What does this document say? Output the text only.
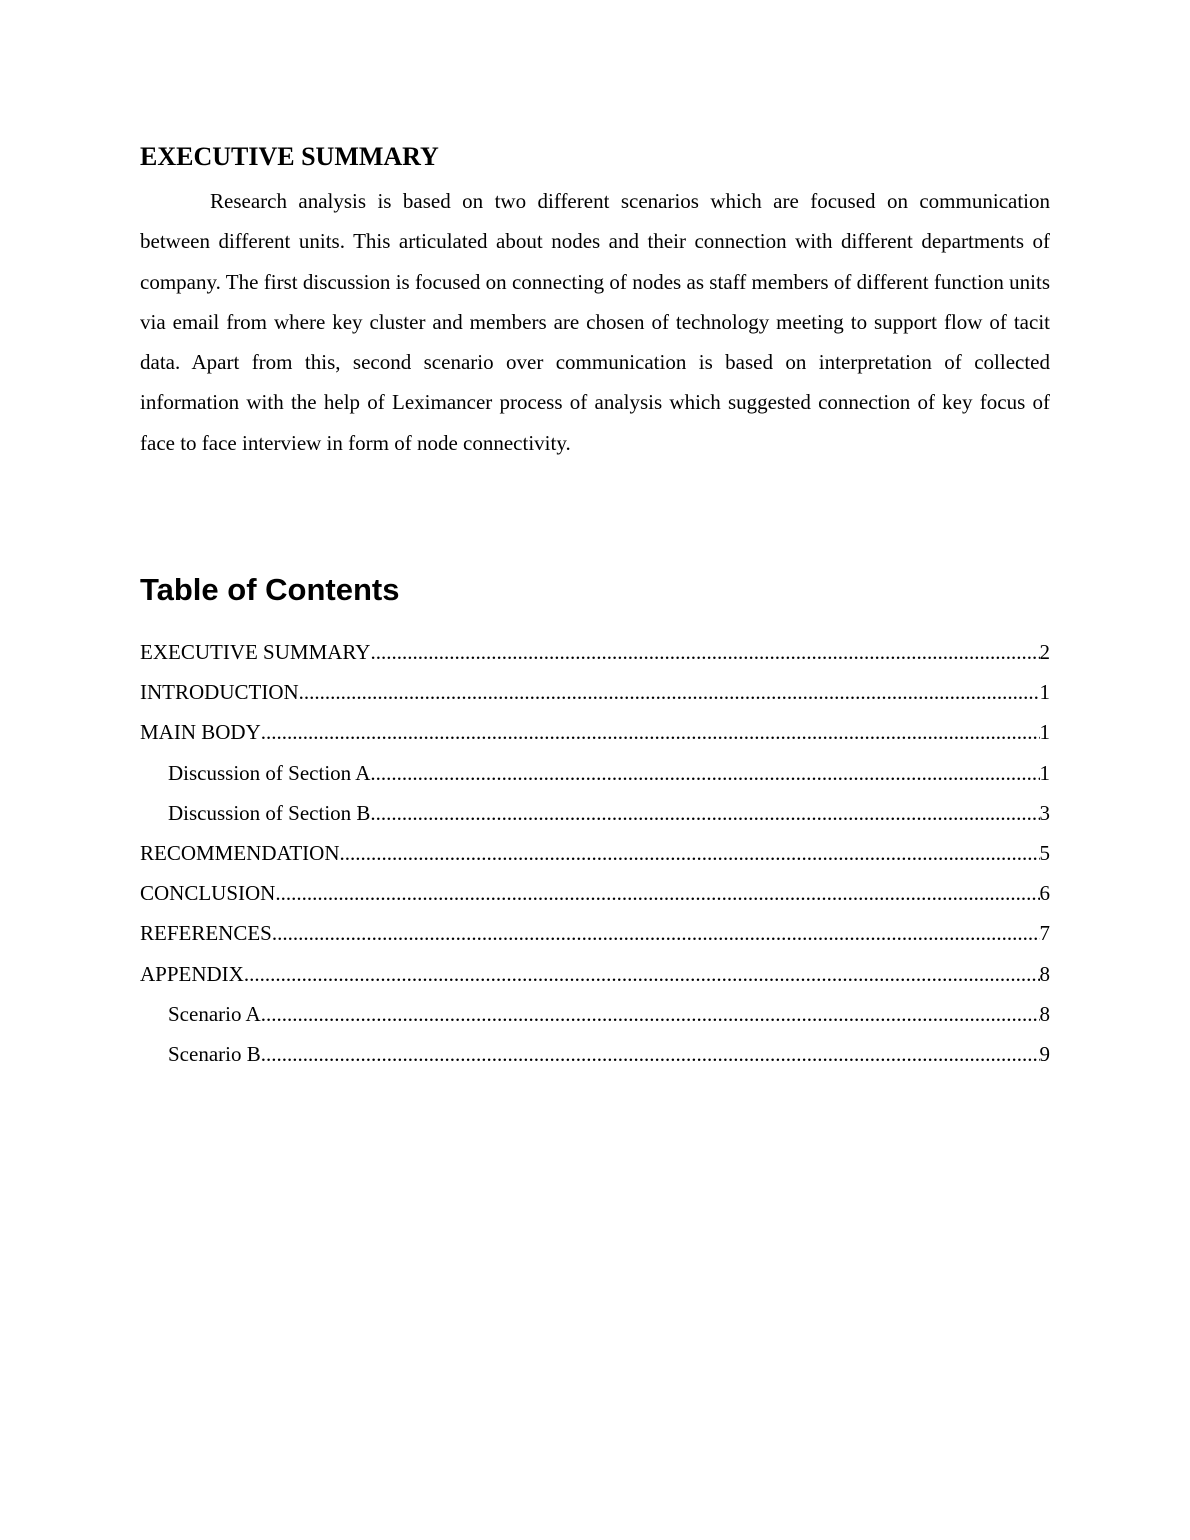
EXECUTIVE SUMMARY

Research analysis is based on two different scenarios which are focused on communication between different units. This articulated about nodes and their connection with different departments of company. The first discussion is focused on connecting of nodes as staff members of different function units via email from where key cluster and members are chosen of technology meeting to support flow of tacit data. Apart from this, second scenario over communication is based on interpretation of collected information with the help of Leximancer process of analysis which suggested connection of key focus of face to face interview in form of node connectivity.

Table of Contents
EXECUTIVE SUMMARY .....	2
INTRODUCTION .....	1
MAIN BODY .....	1
Discussion of Section A .....	1
Discussion of Section B .....	3
RECOMMENDATION .....	5
CONCLUSION .....	6
REFERENCES .....	7
APPENDIX .....	8
Scenario A .....	8
Scenario B .....	9
